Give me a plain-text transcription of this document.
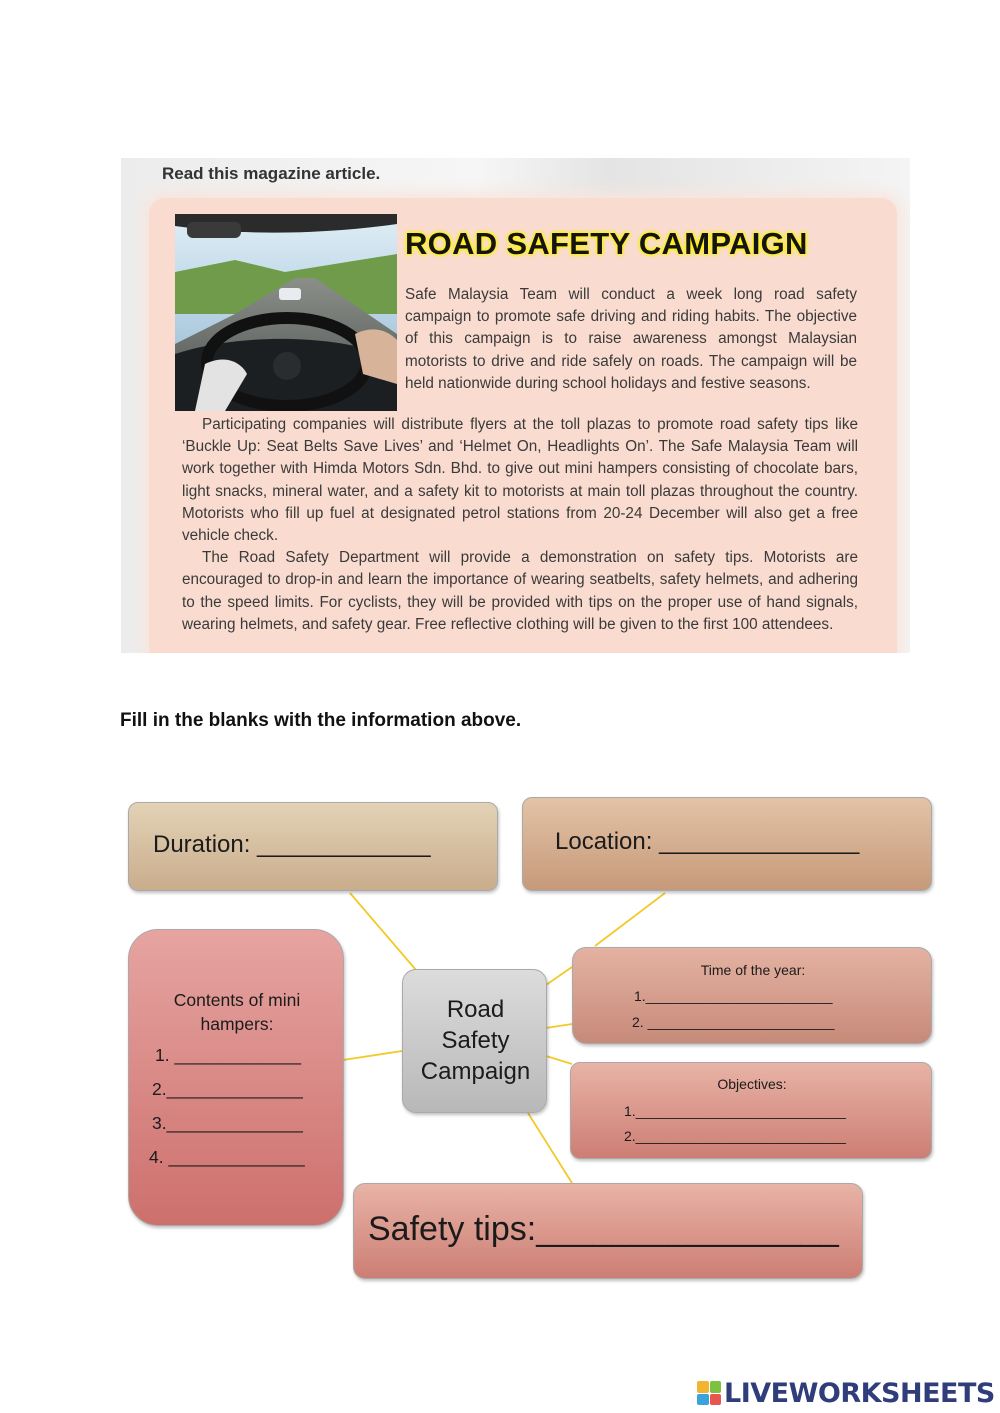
Read this magazine article.
ROAD SAFETY CAMPAIGN
Safe Malaysia Team will conduct a week long road safety campaign to promote safe driving and riding habits. The objective of this campaign is to raise awareness amongst Malaysian motorists to drive and ride safely on roads. The campaign will be held nationwide during school holidays and festive seasons.
Participating companies will distribute flyers at the toll plazas to promote road safety tips like ‘Buckle Up: Seat Belts Save Lives’ and ‘Helmet On, Headlights On’. The Safe Malaysia Team will work together with Himda Motors Sdn. Bhd. to give out mini hampers consisting of chocolate bars, light snacks, mineral water, and a safety kit to motorists at main toll plazas throughout the country. Motorists who fill up fuel at designated petrol stations from 20-24 December will also get a free vehicle check.
The Road Safety Department will provide a demonstration on safety tips. Motorists are encouraged to drop-in and learn the importance of wearing seatbelts, safety helmets, and adhering to the speed limits. For cyclists, they will be provided with tips on the proper use of hand signals, wearing helmets, and safety gear. Free reflective clothing will be given to the first 100 attendees.
Fill in the blanks with the information above.
Duration: _____________	Location: _______________
Contents of mini
hampers:
1. _____________
2.______________
3.______________
4. ______________
Road
Safety
Campaign
Time of the year:
1.________________________
2. ________________________
Objectives:
1.___________________________
2.___________________________
Safety tips:________________
LIVEWORKSHEETS
